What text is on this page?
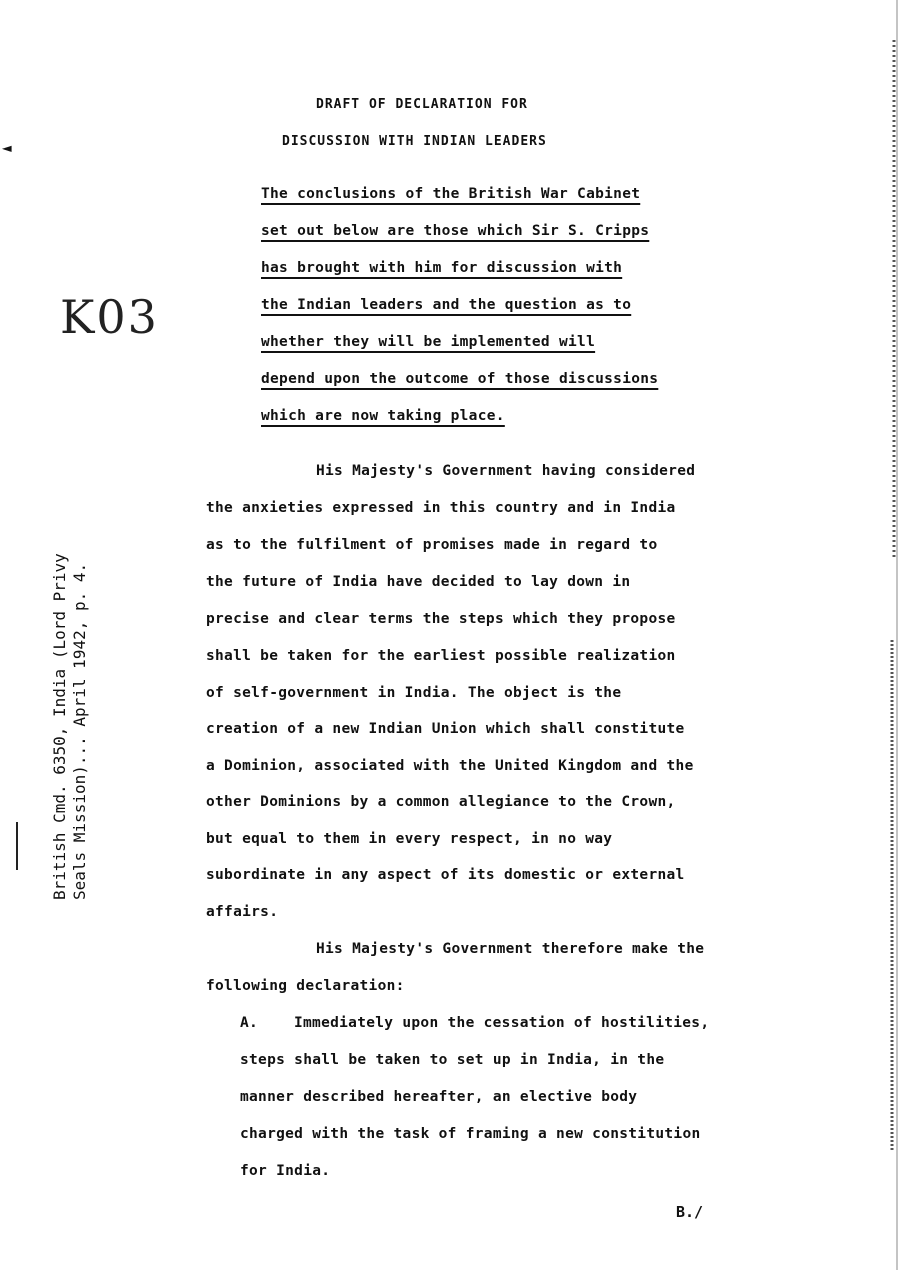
◄
DRAFT OF DECLARATION FOR
DISCUSSION WITH INDIAN LEADERS
K03
The conclusions of the British War Cabinet
set out below are those which Sir S. Cripps
has brought with him for discussion with
the Indian leaders and the question as to
whether they will be implemented will
depend upon the outcome of those discussions
which are now taking place.
His Majesty's Government having considered
the anxieties expressed in this country and in India
as to the fulfilment of promises made in regard to
the future of India have decided to lay down in
precise and clear terms the steps which they propose
shall be taken for the earliest possible realization
of self-government in India. The object is the
creation of a new Indian Union which shall constitute
a Dominion, associated with the United Kingdom and the
other Dominions by a common allegiance to the Crown,
but equal to them in every respect, in no way
subordinate in any aspect of its domestic or external
affairs.
His Majesty's Government therefore make the
following declaration:
A. Immediately upon the cessation of hostilities,
steps shall be taken to set up in India, in the
manner described hereafter, an elective body
charged with the task of framing a new constitution
for India.
B./
British Cmd. 6350, India (Lord Privy Seals Mission)... April 1942, p. 4.
